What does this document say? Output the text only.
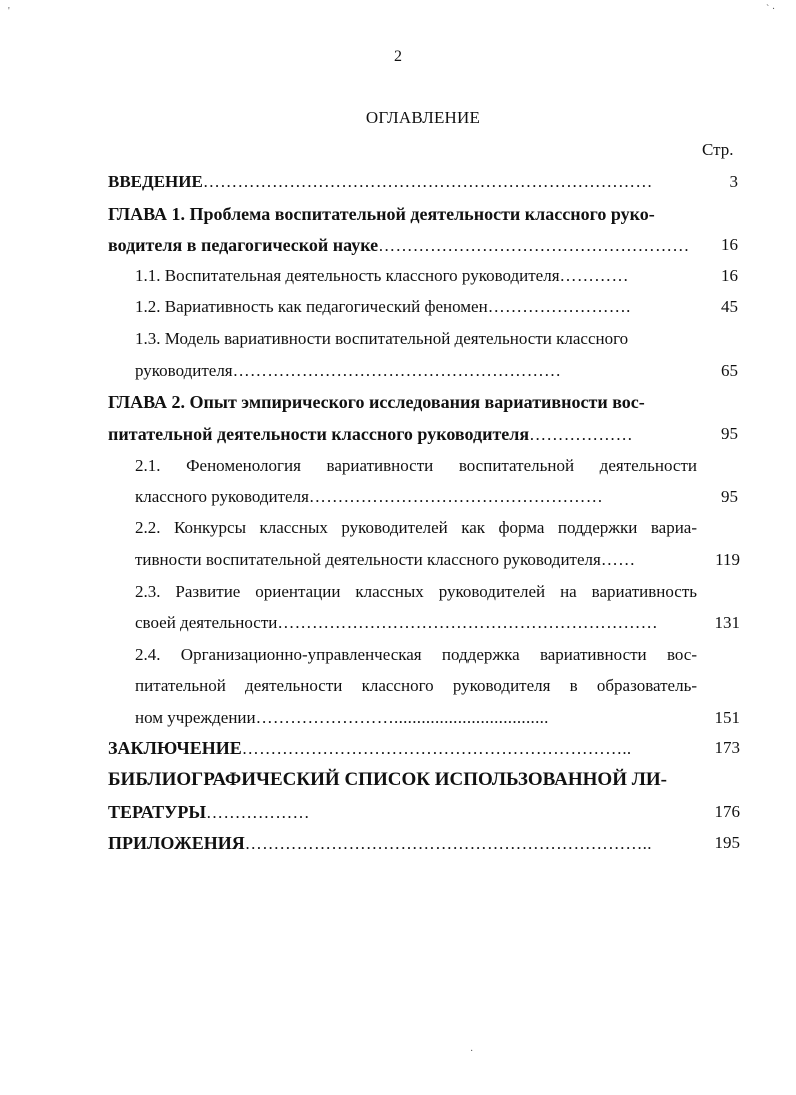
'	` ·
2
ОГЛАВЛЕНИЕ
Стр.
ВВЕДЕНИЕ……………………………………………………………………	3
ГЛАВА 1. Проблема воспитательной деятельности классного руко-
водителя в педагогической науке………………………………………………	16
1.1. Воспитательная деятельность классного руководителя…………	16
1.2. Вариативность как педагогический феномен…………………….	45
1.3. Модель вариативности воспитательной деятельности классного
руководителя…………………………………………………	65
ГЛАВА 2. Опыт эмпирического исследования вариативности вос-
питательной деятельности классного руководителя………………	95
2.1. Феноменология вариативности воспитательной деятельности
классного руководителя……………………………………………	95
2.2. Конкурсы классных руководителей как форма поддержки вариа-
тивности воспитательной деятельности классного руководителя……	119
2.3. Развитие ориентации классных руководителей на вариативность
своей деятельности…………………………………………………………	131
2.4. Организационно-управленческая поддержка вариативности вос-
питательной деятельности классного руководителя в образователь-
ном учреждении……………………..................................	151
ЗАКЛЮЧЕНИЕ…………………………………………………………..	173
БИБЛИОГРАФИЧЕСКИЙ СПИСОК ИСПОЛЬЗОВАННОЙ ЛИ-
ТЕРАТУРЫ………………	176
ПРИЛОЖЕНИЯ……………………………………………………………..	195
·
